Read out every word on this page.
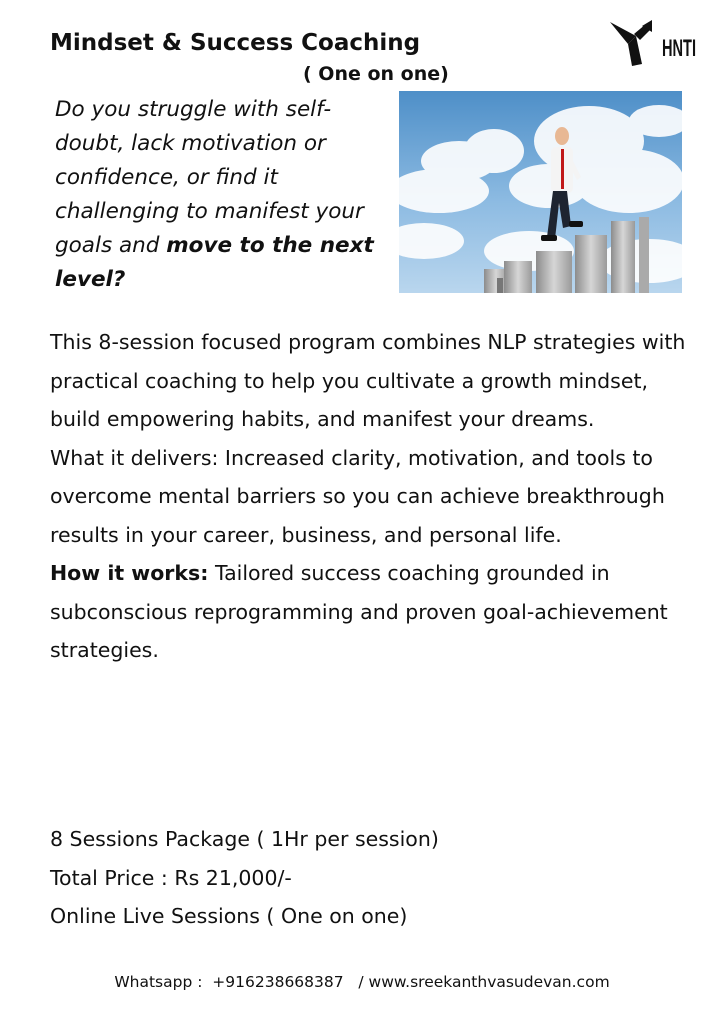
Mindset & Success Coaching
( One on one)
HNTI

Do you struggle with self-doubt, lack motivation or confidence, or find it challenging to manifest your goals and move to the next level?

This 8-session focused program combines NLP strategies with practical coaching to help you cultivate a growth mindset, build empowering habits, and manifest your dreams.

What it delivers: Increased clarity, motivation, and tools to overcome mental barriers so you can achieve breakthrough results in your career, business, and personal life.

How it works: Tailored success coaching grounded in subconscious reprogramming and proven goal-achievement strategies.

8 Sessions Package ( 1Hr per session)
Total Price : Rs 21,000/-
Online Live Sessions ( One on one)
Whatsapp :  +916238668387   / www.sreekanthvasudevan.com
